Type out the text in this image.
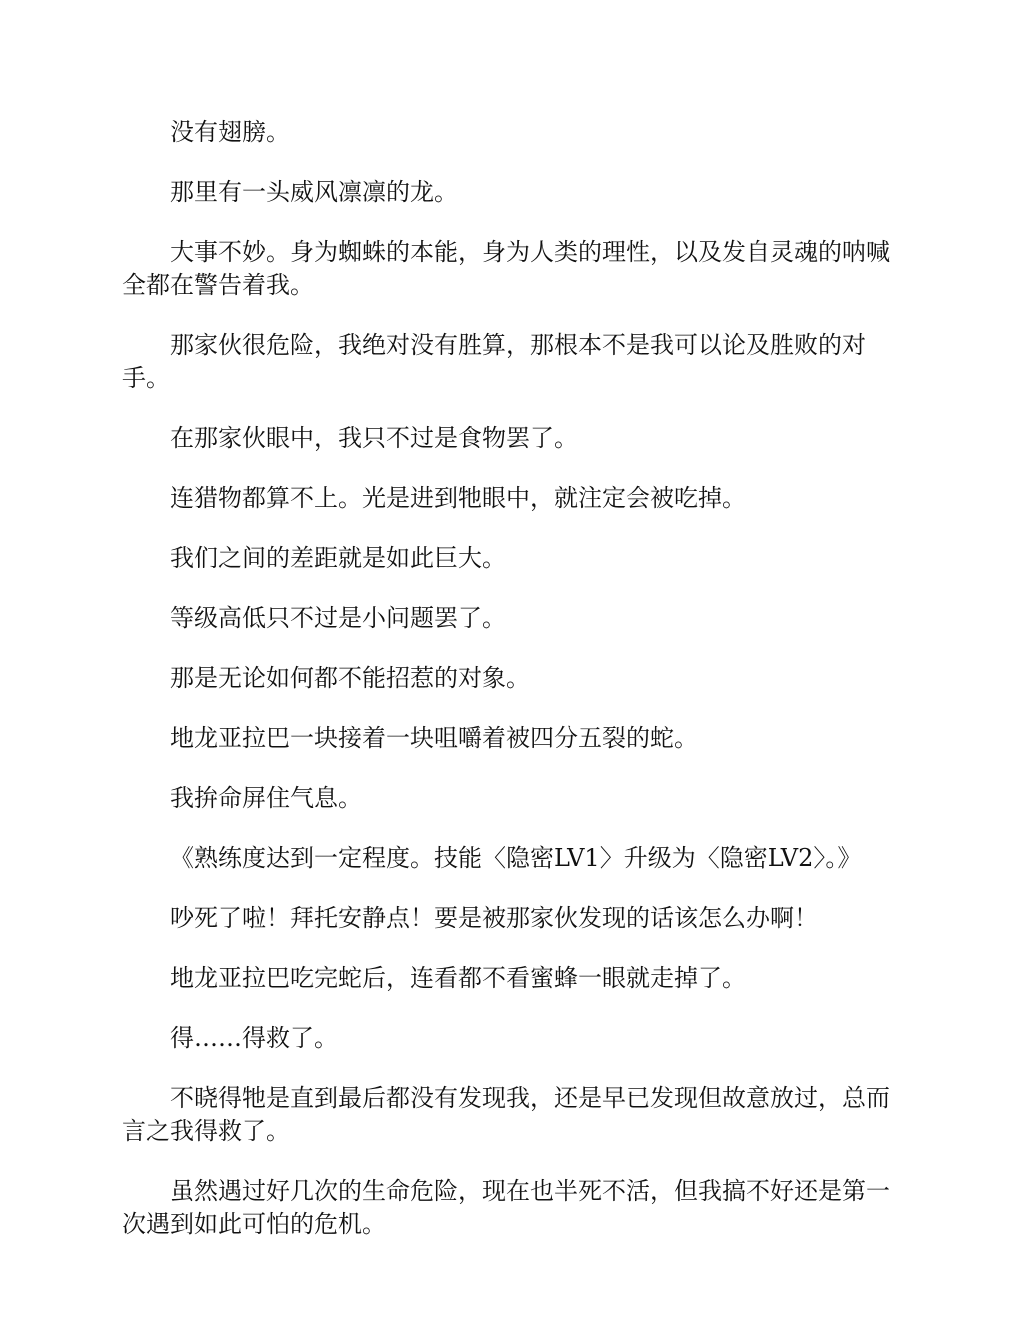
没有翅膀。

那里有一头威风凛凛的龙。

大事不妙。身为蜘蛛的本能，身为人类的理性，以及发自灵魂的呐喊全都在警告着我。

那家伙很危险，我绝对没有胜算，那根本不是我可以论及胜败的对手。

在那家伙眼中，我只不过是食物罢了。

连猎物都算不上。光是进到牠眼中，就注定会被吃掉。

我们之间的差距就是如此巨大。

等级高低只不过是小问题罢了。

那是无论如何都不能招惹的对象。

地龙亚拉巴一块接着一块咀嚼着被四分五裂的蛇。

我拚命屏住气息。

《熟练度达到一定程度。技能〈隐密LV1〉升级为〈隐密LV2〉。》

吵死了啦！拜托安静点！要是被那家伙发现的话该怎么办啊！

地龙亚拉巴吃完蛇后，连看都不看蜜蜂一眼就走掉了。

得……得救了。

不晓得牠是直到最后都没有发现我，还是早已发现但故意放过，总而言之我得救了。

虽然遇过好几次的生命危险，现在也半死不活，但我搞不好还是第一次遇到如此可怕的危机。
